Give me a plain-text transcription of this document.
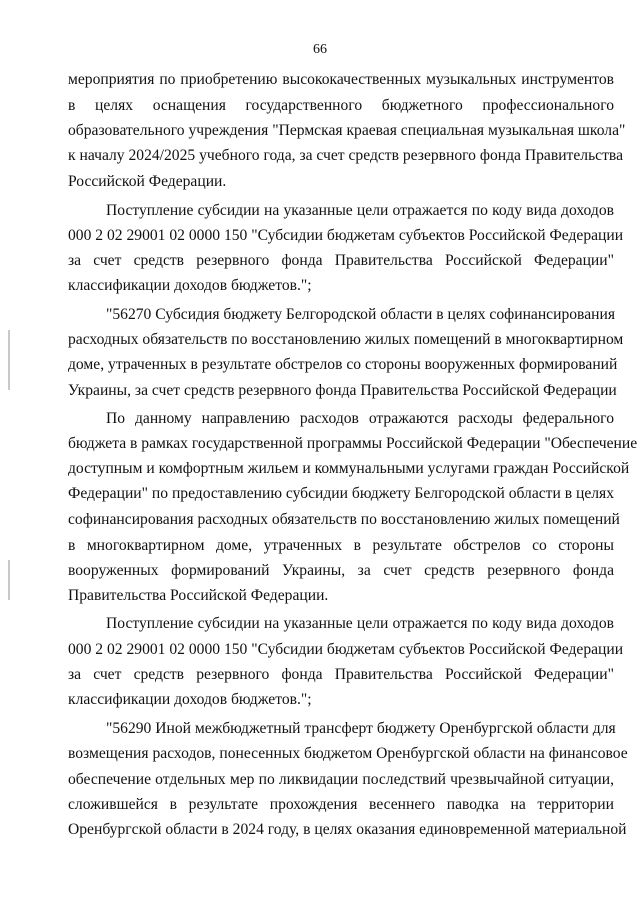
66
мероприятия по приобретению высококачественных музыкальных инструментов
в целях оснащения государственного бюджетного профессионального
образовательного учреждения "Пермская краевая специальная музыкальная школа"
к началу 2024/2025 учебного года, за счет средств резервного фонда Правительства
Российской Федерации.
Поступление субсидии на указанные цели отражается по коду вида доходов
000 2 02 29001 02 0000 150 "Субсидии бюджетам субъектов Российской Федерации
за счет средств резервного фонда Правительства Российской Федерации"
классификации доходов бюджетов.";
"56270 Субсидия бюджету Белгородской области в целях софинансирования
расходных обязательств по восстановлению жилых помещений в многоквартирном
доме, утраченных в результате обстрелов со стороны вооруженных формирований
Украины, за счет средств резервного фонда Правительства Российской Федерации
По данному направлению расходов отражаются расходы федерального
бюджета в рамках государственной программы Российской Федерации "Обеспечение
доступным и комфортным жильем и коммунальными услугами граждан Российской
Федерации" по предоставлению субсидии бюджету Белгородской области в целях
софинансирования расходных обязательств по восстановлению жилых помещений
в многоквартирном доме, утраченных в результате обстрелов со стороны
вооруженных формирований Украины, за счет средств резервного фонда
Правительства Российской Федерации.
Поступление субсидии на указанные цели отражается по коду вида доходов
000 2 02 29001 02 0000 150 "Субсидии бюджетам субъектов Российской Федерации
за счет средств резервного фонда Правительства Российской Федерации"
классификации доходов бюджетов.";
"56290 Иной межбюджетный трансферт бюджету Оренбургской области для
возмещения расходов, понесенных бюджетом Оренбургской области на финансовое
обеспечение отдельных мер по ликвидации последствий чрезвычайной ситуации,
сложившейся в результате прохождения весеннего паводка на территории
Оренбургской области в 2024 году, в целях оказания единовременной материальной
